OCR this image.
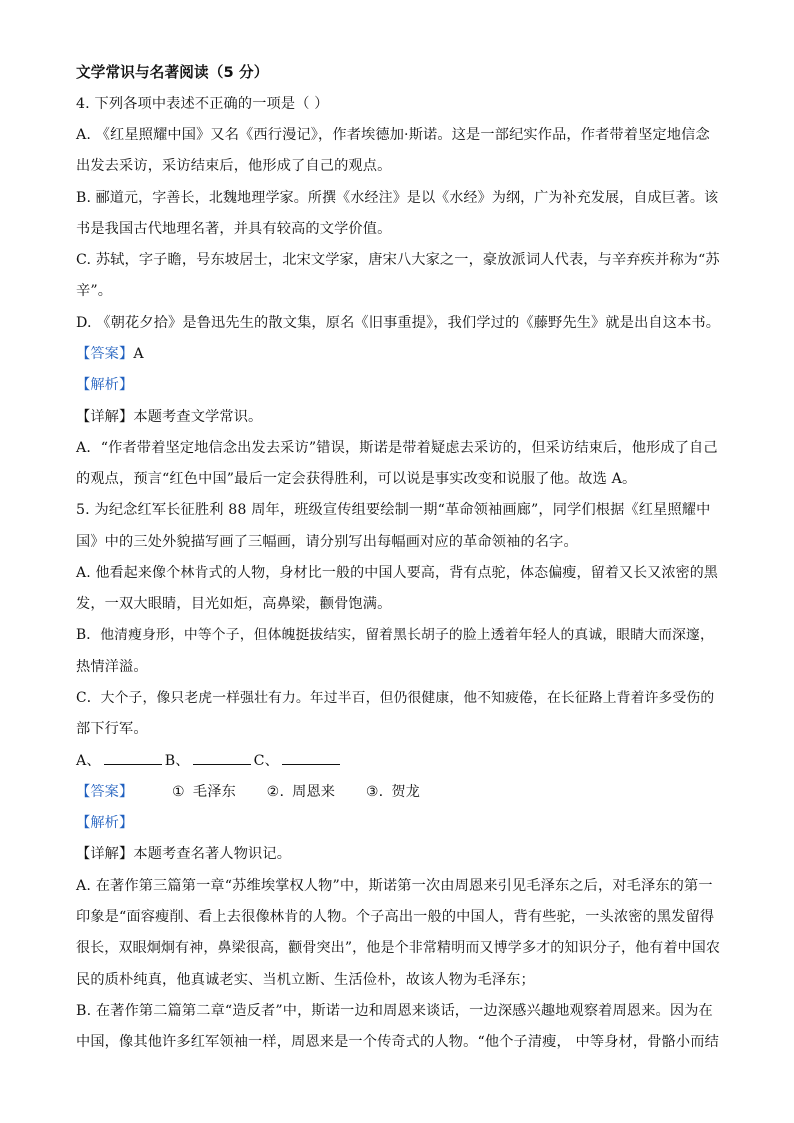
文学常识与名著阅读（5 分）
4. 下列各项中表述不正确的一项是（ ）
A. 《红星照耀中国》又名《西行漫记》，作者埃德加·斯诺。这是一部纪实作品，作者带着坚定地信念
出发去采访，采访结束后，他形成了自己的观点。
B. 郦道元，字善长，北魏地理学家。所撰《水经注》是以《水经》为纲，广为补充发展，自成巨著。该
书是我国古代地理名著，并具有较高的文学价值。
C. 苏轼，字子瞻，号东坡居士，北宋文学家，唐宋八大家之一，豪放派词人代表，与辛弃疾并称为“苏
辛”。
D. 《朝花夕拾》是鲁迅先生的散文集，原名《旧事重提》，我们学过的《藤野先生》就是出自这本书。
【答案】A
【解析】
【详解】本题考查文学常识。
A．“作者带着坚定地信念出发去采访”错误，斯诺是带着疑虑去采访的，但采访结束后，他形成了自己
的观点，预言“红色中国”最后一定会获得胜利，可以说是事实改变和说服了他。故选 A。
5. 为纪念红军长征胜利 88 周年，班级宣传组要绘制一期“革命领袖画廊”，同学们根据《红星照耀中
国》中的三处外貌描写画了三幅画，请分别写出每幅画对应的革命领袖的名字。
A. 他看起来像个林肯式的人物，身材比一般的中国人要高，背有点驼，体态偏瘦，留着又长又浓密的黑
发，一双大眼睛，目光如炬，高鼻梁，颧骨饱满。
B．他清瘦身形，中等个子，但体魄挺拔结实，留着黑长胡子的脸上透着年轻人的真诚，眼睛大而深邃，
热情洋溢。
C．大个子，像只老虎一样强壮有力。年过半百，但仍很健康，他不知疲倦，在长征路上背着许多受伤的
部下行军。
A、	B、	C、
【答案】	① 毛泽东 ②. 周恩来 ③. 贺龙
【解析】
【详解】本题考查名著人物识记。
A. 在著作第三篇第一章“苏维埃掌权人物”中，斯诺第一次由周恩来引见毛泽东之后，对毛泽东的第一
印象是“面容瘦削、看上去很像林肯的人物。个子高出一般的中国人，背有些驼，一头浓密的黑发留得
很长，双眼炯炯有神，鼻梁很高，颧骨突出”，他是个非常精明而又博学多才的知识分子，他有着中国农
民的质朴纯真，他真诚老实、当机立断、生活俭朴，故该人物为毛泽东；
B. 在著作第二篇第二章“造反者”中，斯诺一边和周恩来谈话，一边深感兴趣地观察着周恩来。因为在
中国，像其他许多红军领袖一样，周恩来是一个传奇式的人物。“他个子清瘦， 中等身材，骨骼小而结
